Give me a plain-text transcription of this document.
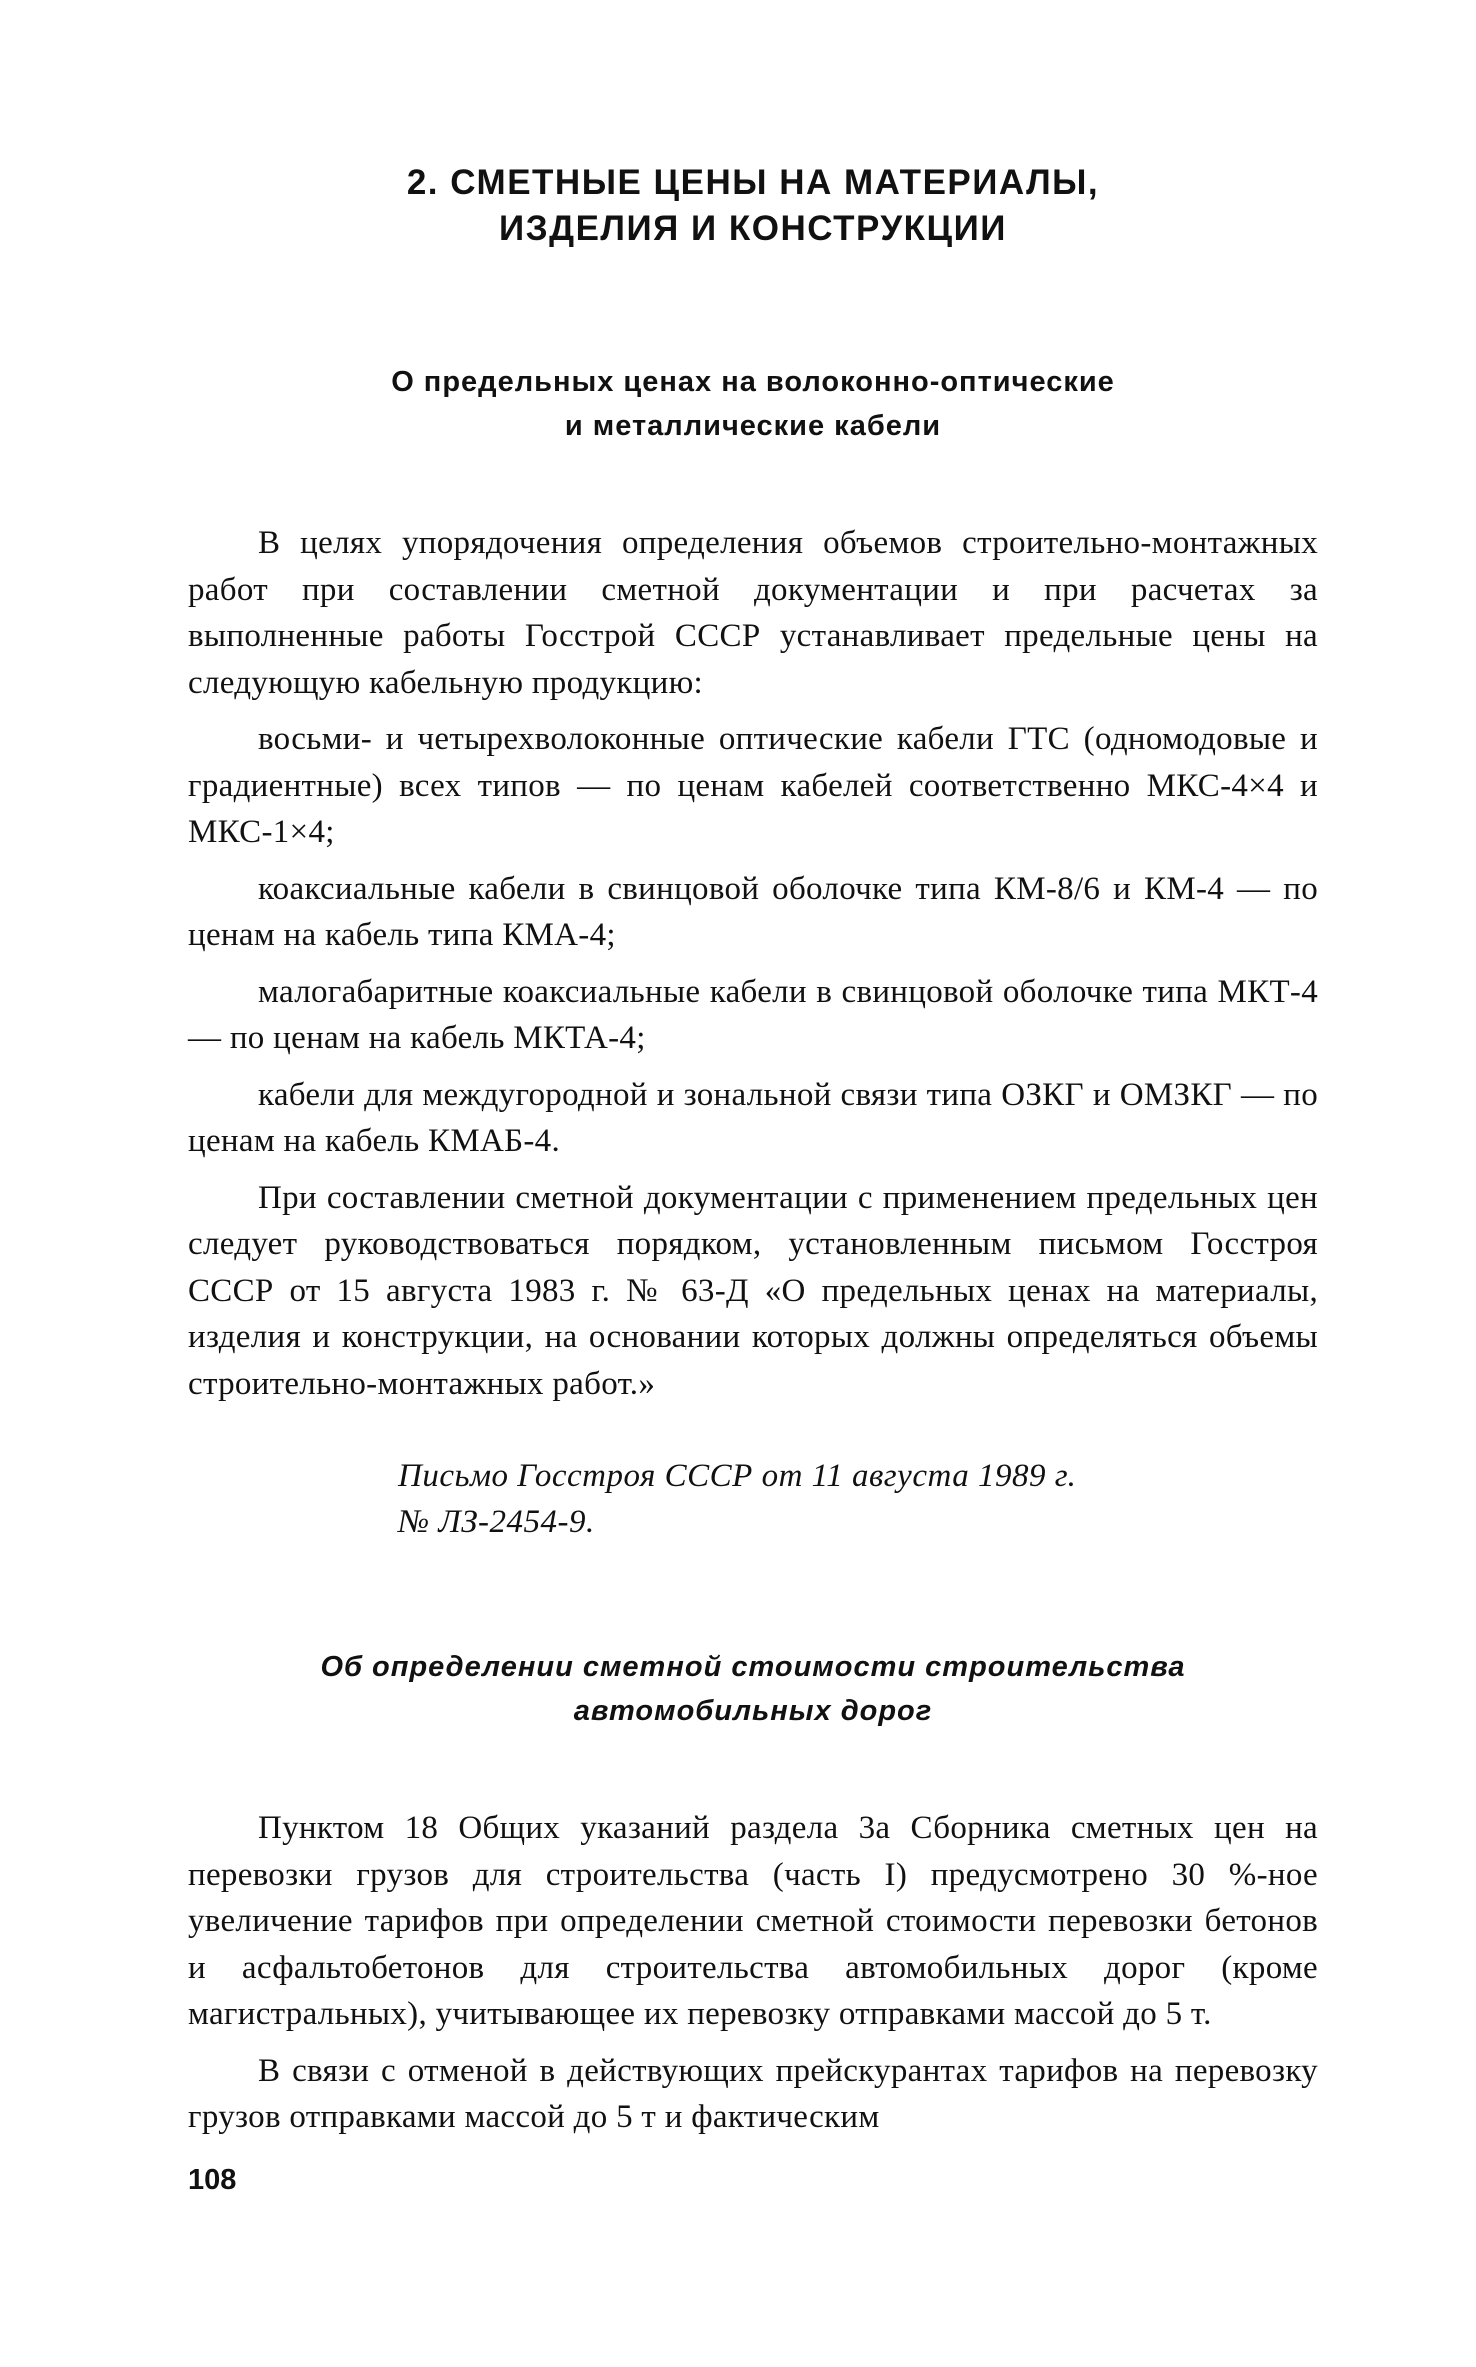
2. СМЕТНЫЕ ЦЕНЫ НА МАТЕРИАЛЫ,
ИЗДЕЛИЯ И КОНСТРУКЦИИ
О предельных ценах на волоконно-оптические
и металлические кабели

В целях упорядочения определения объемов строительно-монтажных работ при составлении сметной документации и при расчетах за выполненные работы Госстрой СССР устанавливает предельные цены на следующую кабельную продукцию:

восьми- и четырехволоконные оптические кабели ГТС (одномодовые и градиентные) всех типов — по ценам кабелей соответственно МКС-4×4 и МКС-1×4;

коаксиальные кабели в свинцовой оболочке типа КМ-8/6 и КМ-4 — по ценам на кабель типа КМА-4;

малогабаритные коаксиальные кабели в свинцовой оболочке типа МКТ-4 — по ценам на кабель МКТА-4;

кабели для междугородной и зональной связи типа ОЗКГ и ОМЗКГ — по ценам на кабель КМАБ-4.

При составлении сметной документации с применением предельных цен следует руководствоваться порядком, установленным письмом Госстроя СССР от 15 августа 1983 г. № 63-Д «О предельных ценах на материалы, изделия и конструкции, на основании которых должны определяться объемы строительно-монтажных работ.»

Письмо Госстроя СССР от 11 августа 1989 г.
№ ЛЗ-2454-9.
Об определении сметной стоимости строительства
автомобильных дорог

Пунктом 18 Общих указаний раздела 3а Сборника сметных цен на перевозки грузов для строительства (часть I) предусмотрено 30 %-ное увеличение тарифов при определении сметной стоимости перевозки бетонов и асфальтобетонов для строительства автомобильных дорог (кроме магистральных), учитывающее их перевозку отправками массой до 5 т.

В связи с отменой в действующих прейскурантах тарифов на перевозку грузов отправками массой до 5 т и фактическим

108
